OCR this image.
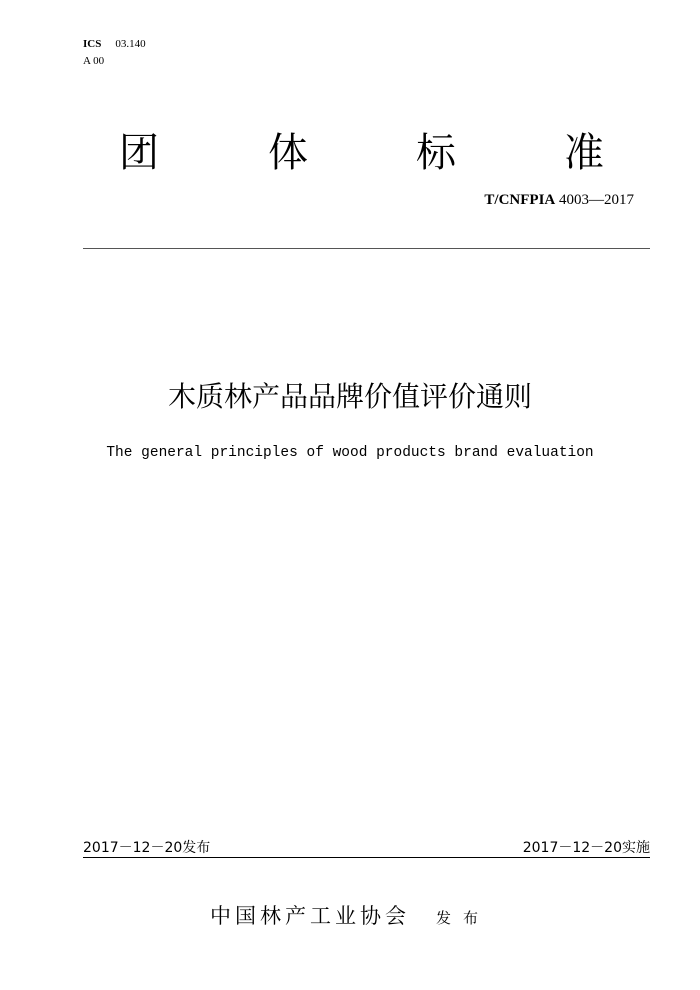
ICS 03.140
A 00
团	体	标	准
T/CNFPIA 4003—2017
木质林产品品牌价值评价通则
The general principles of wood products brand evaluation
2017－12－20发布	2017－12－20实施
中国林产工业协会 发布
